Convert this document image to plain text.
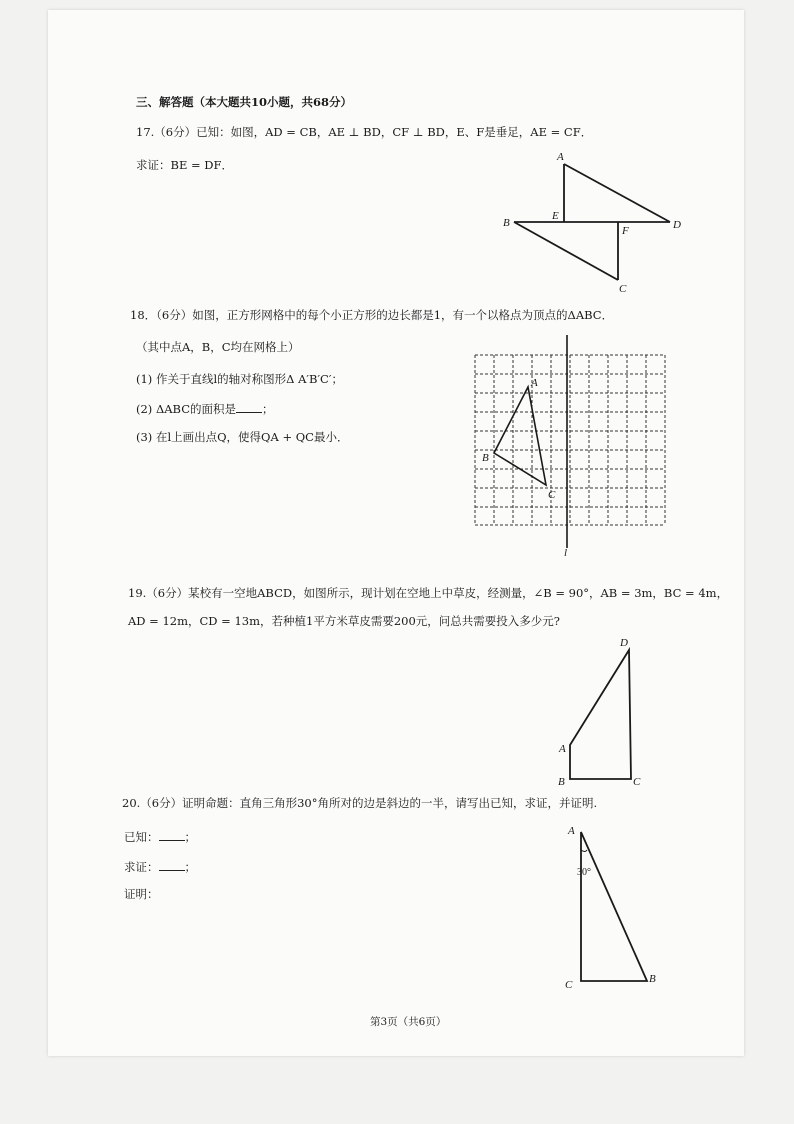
三、解答题（本大题共10小题，共68分）
17.（6分）已知：如图，AD = CB，AE ⊥ BD，CF ⊥ BD，E、F是垂足，AE = CF．
求证：BE = DF．
A
B
C
D
E
F
18．（6分）如图，正方形网格中的每个小正方形的边长都是1，有一个以格点为顶点的ΔABC．
（其中点A，B，C均在网格上）
(1) 作关于直线l的轴对称图形Δ A′B′C′；
(2) ΔABC的面积是 ；
(3) 在l上画出点Q，使得QA + QC最小．
A
B
C
l
19.（6分）某校有一空地ABCD，如图所示，现计划在空地上中草皮，经测量，∠B = 90°，AB = 3m，BC = 4m，
AD = 12m，CD = 13m，若种植1平方米草皮需要200元，问总共需要投入多少元?
A
B	C
D
20.（6分）证明命题：直角三角形30°角所对的边是斜边的一半，请写出已知，求证，并证明.
已知： ；
求证： ；
证明：
A
C	B
30°
第3页（共6页）
